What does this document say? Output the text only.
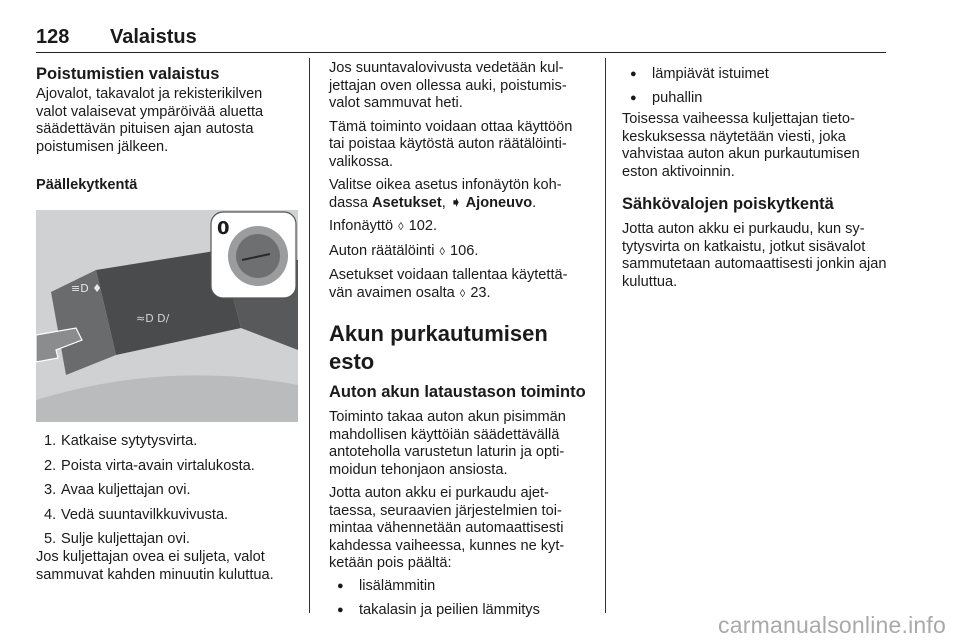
128 Valaistus
Poistumistien valaistus

Ajovalot, takavalot ja rekisterikilven valot valaisevat ympäröivää aluetta säädettävän pituisen ajan autosta poistumisen jälkeen.

Päällekytkentä
≡D ♦
≈D D/
0
1. Katkaise sytytysvirta.
2. Poista virta-avain virtalukosta.
3. Avaa kuljettajan ovi.
4. Vedä suuntavilkkuvivusta.
5. Sulje kuljettajan ovi.

Jos kuljettajan ovea ei suljeta, valot sammuvat kahden minuutin kuluttua.

Jos suuntavalovivusta vedetään kul- jettajan oven ollessa auki, poistumis- valot sammuvat heti.

Tämä toiminto voidaan ottaa käyttöön tai poistaa käytöstä auton räätälöinti- valikossa.

Valitse oikea asetus infonäytön koh- dassa Asetukset, ➧ Ajoneuvo.

Infonäyttö ◊ 102.

Auton räätälöinti ◊ 106.

Asetukset voidaan tallentaa käytettä- vän avaimen osalta ◊ 23.

Akun purkautumisen esto
Auton akun lataustason toiminto

Toiminto takaa auton akun pisimmän mahdollisen käyttöiän säädettävällä antoteholla varustetun laturin ja opti- moidun tehonjaon ansiosta.

Jotta auton akku ei purkaudu ajet- taessa, seuraavien järjestelmien toi- mintaa vähennetään automaattisesti kahdessa vaiheessa, kunnes ne kyt- ketään pois päältä:

● lisälämmitin
● takalasin ja peilien lämmitys
● lämpiävät istuimet
● puhallin

Toisessa vaiheessa kuljettajan tieto- keskuksessa näytetään viesti, joka vahvistaa auton akun purkautumisen eston aktivoinnin.

Sähkövalojen poiskytkentä

Jotta auton akku ei purkaudu, kun sy- tytysvirta on katkaistu, jotkut sisävalot sammutetaan automaattisesti jonkin ajan kuluttua.

carmanualsonline.info
